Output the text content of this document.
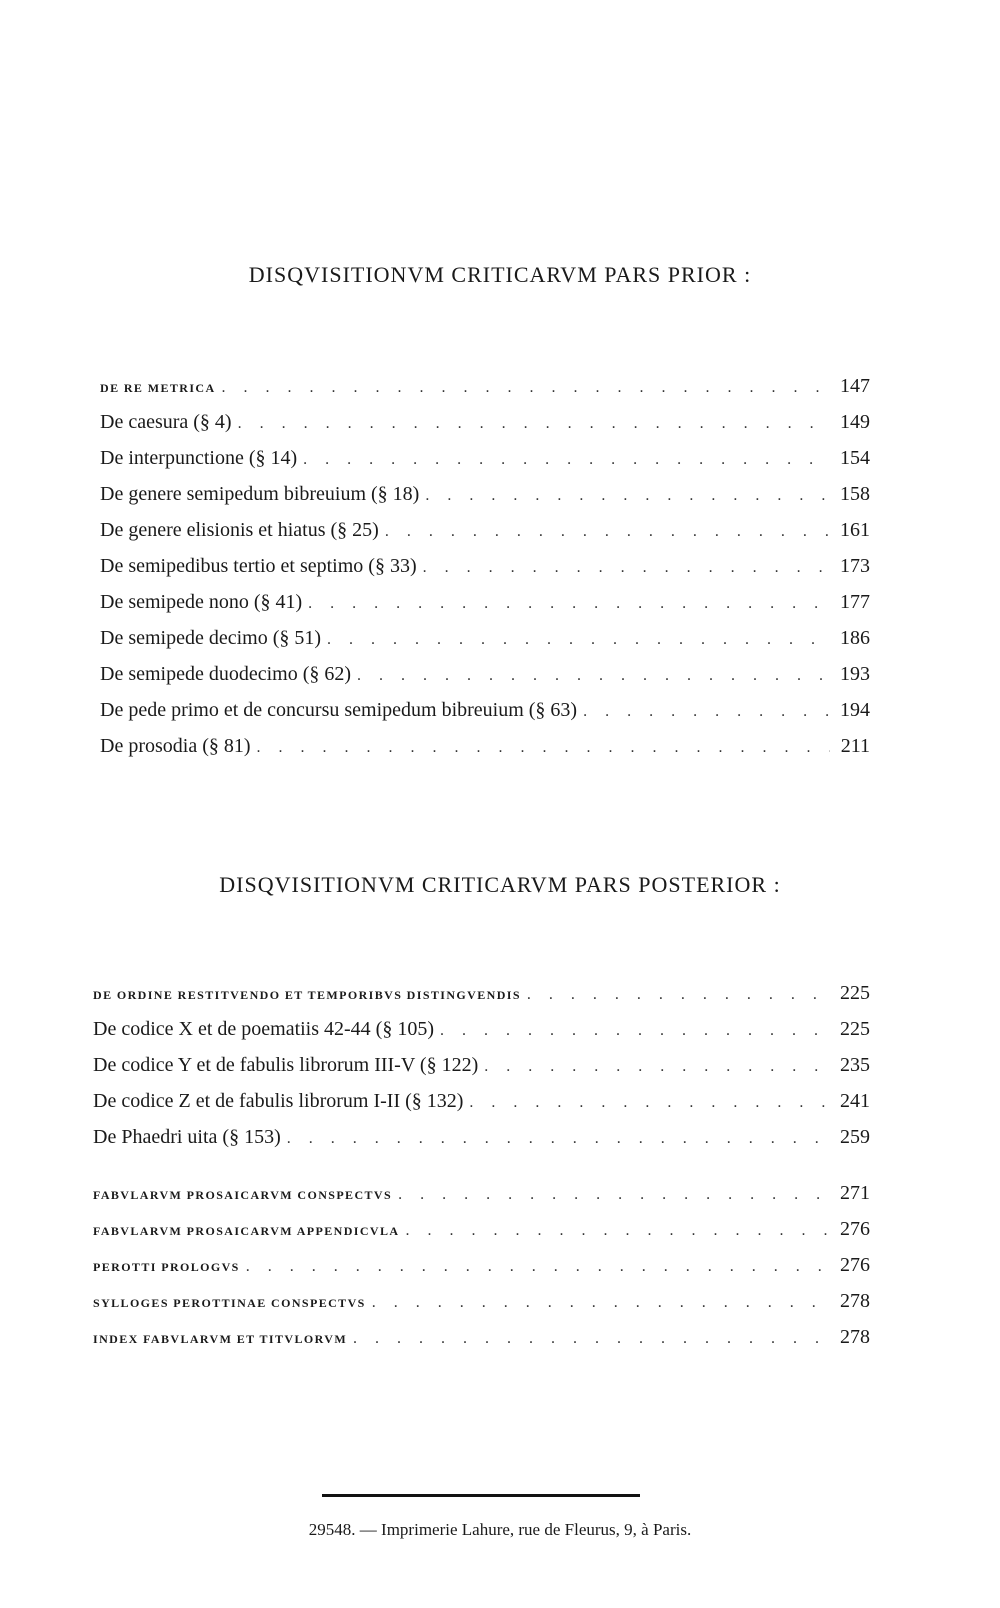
DISQVISITIONVM CRITICARVM PARS PRIOR :
DE RE METRICA . . .	147
De caesura (§ 4) . . .	149
De interpunctione (§ 14) . . .	154
De genere semipedum bibreuium (§ 18) . . .	158
De genere elisionis et hiatus (§ 25) . . .	161
De semipedibus tertio et septimo (§ 33) . . .	173
De semipede nono (§ 41) . . .	177
De semipede decimo (§ 51) . . .	186
De semipede duodecimo (§ 62) . . .	193
De pede primo et de concursu semipedum bibreuium (§ 63) . . .	194
De prosodia (§ 81) . . .	211
DISQVISITIONVM CRITICARVM PARS POSTERIOR :
DE ORDINE RESTITVENDO ET TEMPORIBVS DISTINGVENDIS . . .	225
De codice X et de poematiis 42-44 (§ 105) . . .	225
De codice Y et de fabulis librorum III-V (§ 122) . . .	235
De codice Z et de fabulis librorum I-II (§ 132) . . .	241
De Phaedri uita (§ 153) . . .	259
FABVLARVM PROSAICARVM CONSPECTVS . . .	271
FABVLARVM PROSAICARVM APPENDICVLA . . .	276
PEROTTI PROLOGVS . . .	276
SYLLOGES PEROTTINAE CONSPECTVS . . .	278
INDEX FABVLARVM ET TITVLORVM . . .	278
29548. — Imprimerie Lahure, rue de Fleurus, 9, à Paris.
